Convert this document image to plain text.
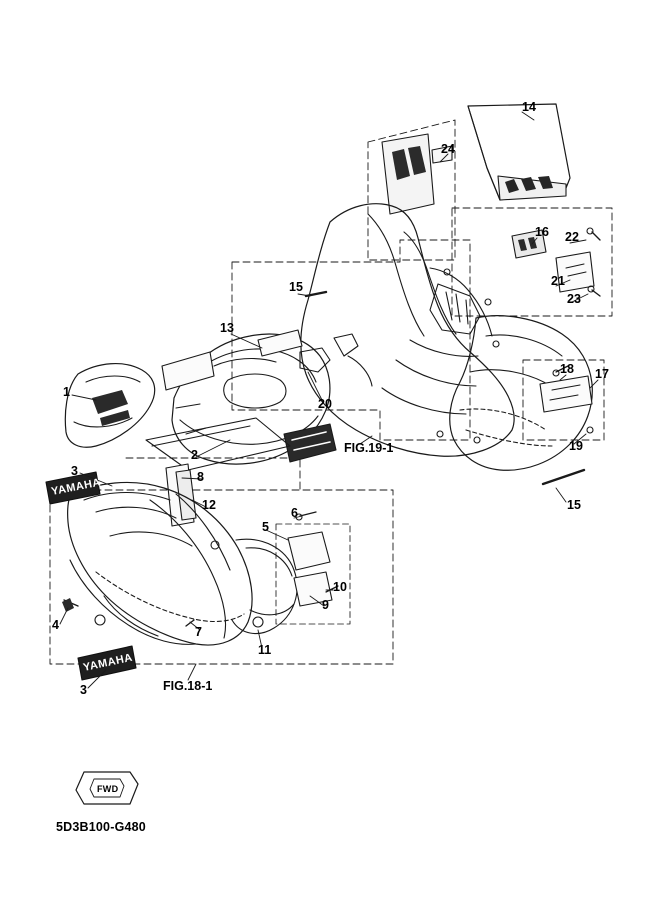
1
2
3
3
4
5
6
7
8
9
10
11
12
13
14
15
15
16
17
18
19
20
21
22
23
24
FIG.19-1
FIG.18-1
5D3B100-G480
FWD
YAMAHA
YAMAHA
